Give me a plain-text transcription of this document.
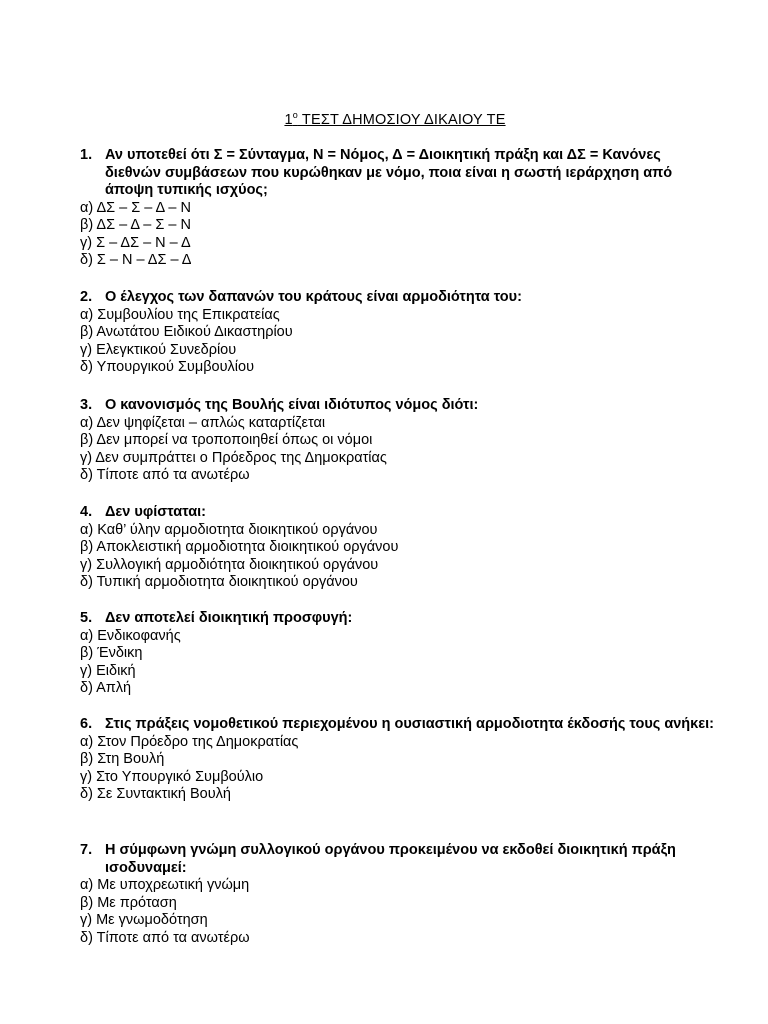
$1^o$ ΤΕΣΤ ΔΗΜΟΣΙΟΥ ΔΙΚΑΙΟΥ ΤΕ
1. Αν υποτεθεί ότι Σ = Σύνταγμα, Ν = Νόμος, Δ = Διοικητική πράξη και ΔΣ = Κανόνες διεθνών συμβάσεων που κυρώθηκαν με νόμο, ποια είναι η σωστή ιεράρχηση από άποψη τυπικής ισχύος;
α) ΔΣ – Σ – Δ – Ν
β) ΔΣ – Δ – Σ – Ν
γ) Σ – ΔΣ – Ν – Δ
δ) Σ – Ν – ΔΣ – Δ
2. Ο έλεγχος των δαπανών του κράτους είναι αρμοδιότητα του:
α) Συμβουλίου της Επικρατείας
β) Ανωτάτου Ειδικού Δικαστηρίου
γ) Ελεγκτικού Συνεδρίου
δ) Υπουργικού Συμβουλίου
3. Ο κανονισμός της Βουλής είναι ιδιότυπος νόμος διότι:
α) Δεν ψηφίζεται – απλώς καταρτίζεται
β) Δεν μπορεί να τροποποιηθεί όπως οι νόμοι
γ) Δεν συμπράττει ο Πρόεδρος της Δημοκρατίας
δ) Τίποτε από τα ανωτέρω
4. Δεν υφίσταται:
α) Καθ’ ύλην αρμοδιοτητα διοικητικού οργάνου
β) Αποκλειστική αρμοδιοτητα διοικητικού οργάνου
γ) Συλλογική αρμοδιότητα διοικητικού οργάνου
δ) Τυπική αρμοδιοτητα διοικητικού οργάνου
5. Δεν αποτελεί διοικητική προσφυγή:
α) Ενδικοφανής
β) Ένδικη
γ) Ειδική
δ) Απλή
6. Στις πράξεις νομοθετικού περιεχομένου η ουσιαστική αρμοδιοτητα έκδοσής τους ανήκει:
α) Στον Πρόεδρο της Δημοκρατίας
β) Στη Βουλή
γ) Στο Υπουργικό Συμβούλιο
δ) Σε Συντακτική Βουλή
7. Η σύμφωνη γνώμη συλλογικού οργάνου προκειμένου να εκδοθεί διοικητική πράξη ισοδυναμεί:
α) Με υποχρεωτική γνώμη
β) Με πρόταση
γ) Με γνωμοδότηση
δ) Τίποτε από τα ανωτέρω
